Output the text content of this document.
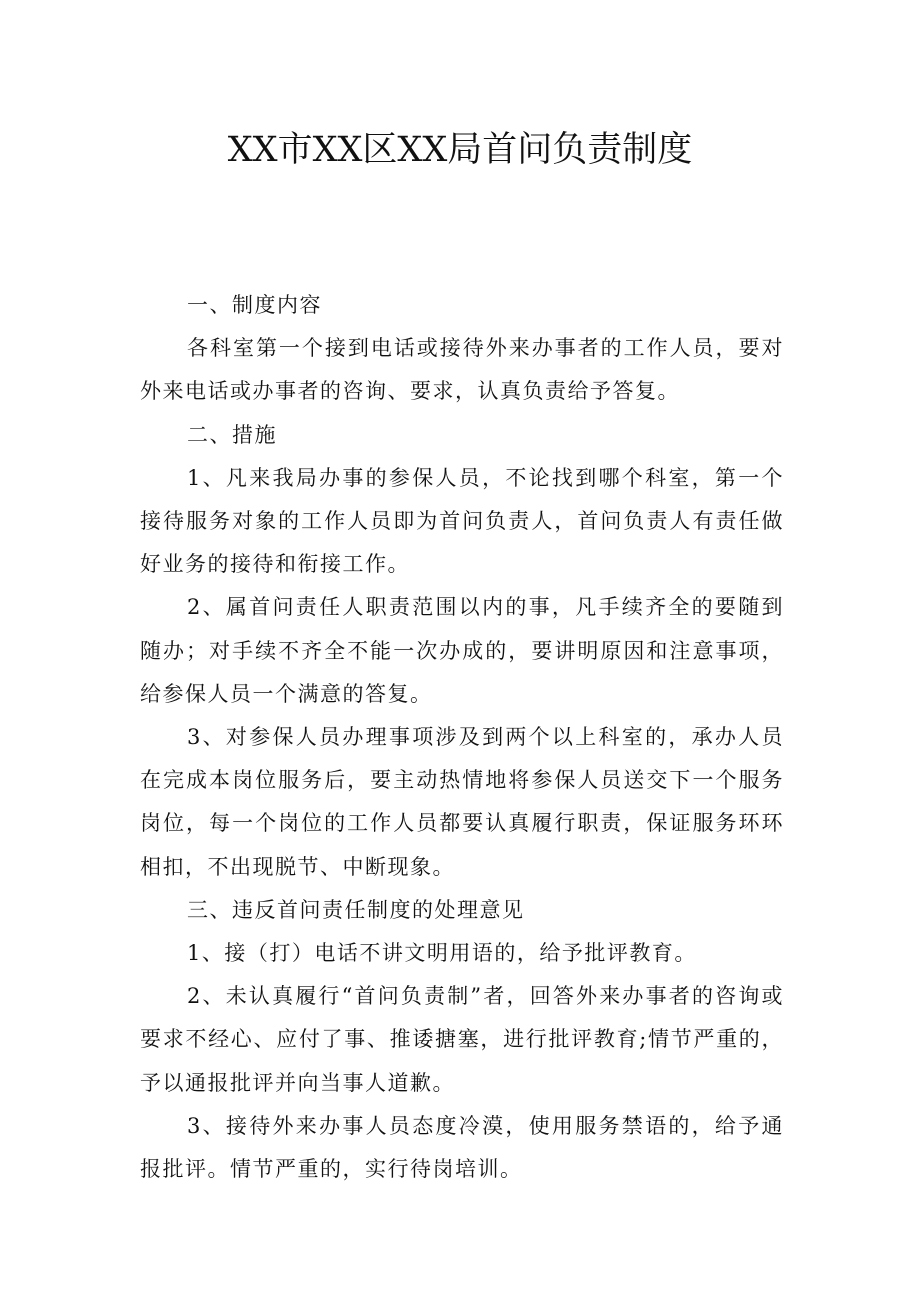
XX市XX区XX局首问负责制度

一、制度内容

各科室第一个接到电话或接待外来办事者的工作人员，要对外来电话或办事者的咨询、要求，认真负责给予答复。

二、措施

1、凡来我局办事的参保人员，不论找到哪个科室，第一个接待服务对象的工作人员即为首问负责人，首问负责人有责任做好业务的接待和衔接工作。

2、属首问责任人职责范围以内的事，凡手续齐全的要随到随办；对手续不齐全不能一次办成的，要讲明原因和注意事项，给参保人员一个满意的答复。

3、对参保人员办理事项涉及到两个以上科室的，承办人员在完成本岗位服务后，要主动热情地将参保人员送交下一个服务岗位，每一个岗位的工作人员都要认真履行职责，保证服务环环相扣，不出现脱节、中断现象。

三、违反首问责任制度的处理意见

1、接（打）电话不讲文明用语的，给予批评教育。

2、未认真履行“首问负责制”者，回答外来办事者的咨询或要求不经心、应付了事、推诿搪塞，进行批评教育;情节严重的，予以通报批评并向当事人道歉。

3、接待外来办事人员态度冷漠，使用服务禁语的，给予通报批评。情节严重的，实行待岗培训。
